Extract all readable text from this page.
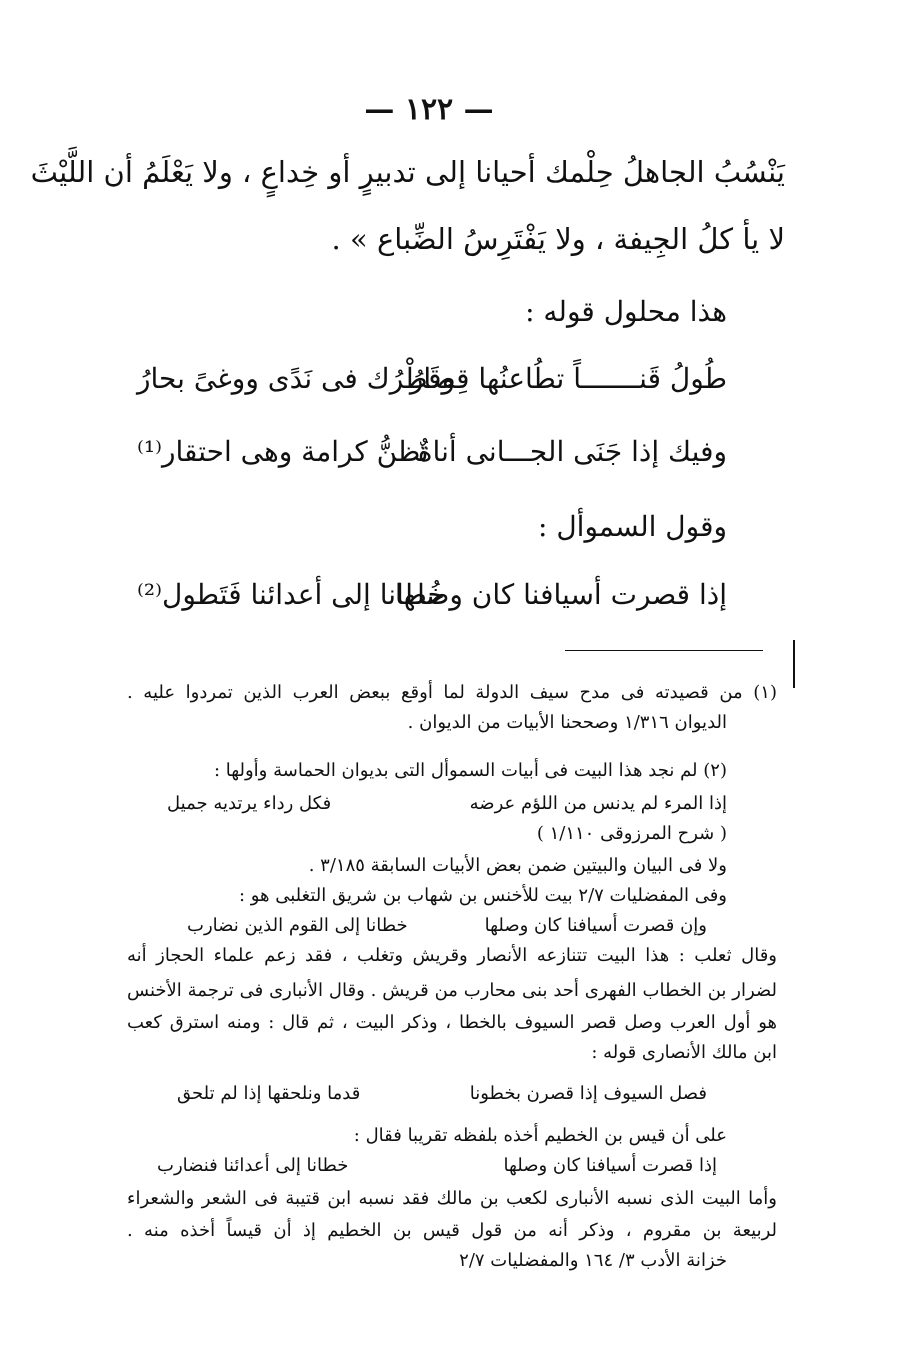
— ١٢٢ —
يَنْسُبُ الجاهلُ حِلْمك أحيانا إلى تدبيرٍ أو خِداعٍ ، ولا يَعْلَمُ أن اللَّيْثَ
لا يأ كلُ الجِيفة ، ولا يَفْتَرِسُ الضِّباع » .
هذا محلول قوله :
طُولُ قَنـــــــاً تطُاعنُها قِصارُ
وقَطْرُك فى نَدًى ووغىً بحارُ
وفيك إذا جَنَى الجـــانى أناةٌ
تظنُّ كرامة وهى احتقار⁽¹⁾
وقول السموأل :
إذا قصرت أسيافنا كان وصلها
خُطانا إلى أعدائنا فَتَطول⁽²⁾
(١) من قصيدته فى مدح سيف الدولة لما أوقع ببعض العرب الذين تمردوا عليه .
الديوان ١/٣١٦ وصححنا الأبيات من الديوان .
(٢) لم نجد هذا البيت فى أبيات السموأل التى بديوان الحماسة وأولها :
إذا المرء لم يدنس من اللؤم عرضه
فكل رداء يرتديه جميل
( شرح المرزوقى ١/١١٠ )
ولا فى البيان والبيتين ضمن بعض الأبيات السابقة ٣/١٨٥ .
وفى المفضليات ٢/٧ بيت للأخنس بن شهاب بن شريق التغلبى هو :
وإن قصرت أسيافنا كان وصلها
خطانا إلى القوم الذين نضارب
وقال ثعلب : هذا البيت تتنازعه الأنصار وقريش وتغلب ، فقد زعم علماء الحجاز أنه
لضرار بن الخطاب الفهرى أحد بنى محارب من قريش . وقال الأنبارى فى ترجمة الأخنس
هو أول العرب وصل قصر السيوف بالخطا ، وذكر البيت ، ثم قال : ومنه استرق كعب
ابن مالك الأنصارى قوله :
فصل السيوف إذا قصرن بخطونا
قدما ونلحقها إذا لم تلحق
على أن قيس بن الخطيم أخذه بلفظه تقريبا فقال :
إذا قصرت أسيافنا كان وصلها
خطانا إلى أعدائنا فنضارب
وأما البيت الذى نسبه الأنبارى لكعب بن مالك فقد نسبه ابن قتيبة فى الشعر والشعراء
لربيعة بن مقروم ، وذكر أنه من قول قيس بن الخطيم إذ أن قيساً أخذه منه .
خزانة الأدب ٣/ ١٦٤ والمفضليات ٢/٧
